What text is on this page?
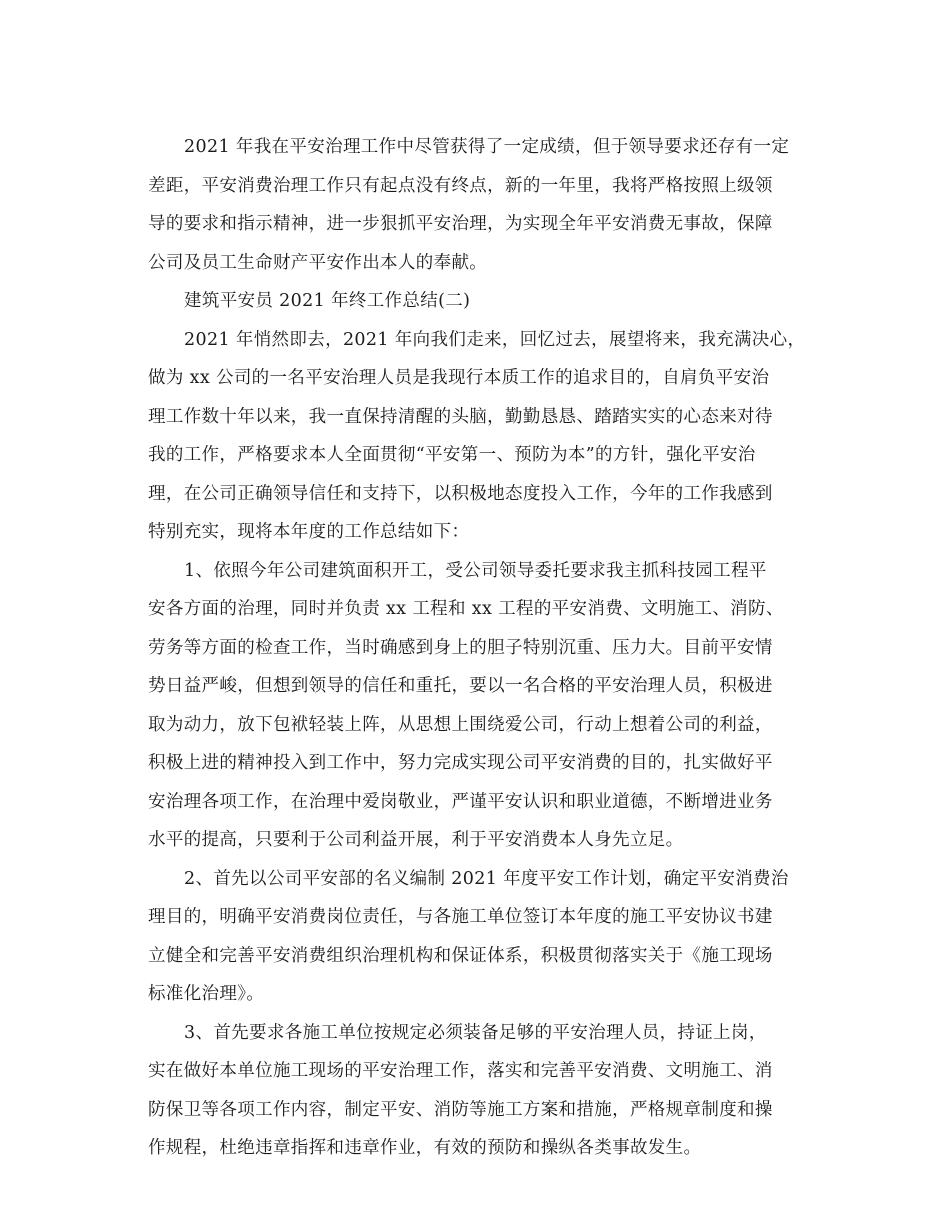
2021 年我在平安治理工作中尽管获得了一定成绩，但于领导要求还存有一定
差距，平安消费治理工作只有起点没有终点，新的一年里，我将严格按照上级领
导的要求和指示精神，进一步狠抓平安治理，为实现全年平安消费无事故，保障
公司及员工生命财产平安作出本人的奉献。
建筑平安员 2021 年终工作总结(二)
2021 年悄然即去，2021 年向我们走来，回忆过去，展望将来，我充满决心，
做为 xx 公司的一名平安治理人员是我现行本质工作的追求目的，自肩负平安治
理工作数十年以来，我一直保持清醒的头脑，勤勤恳恳、踏踏实实的心态来对待
我的工作，严格要求本人全面贯彻“平安第一、预防为本”的方针，强化平安治
理，在公司正确领导信任和支持下，以积极地态度投入工作，今年的工作我感到
特别充实，现将本年度的工作总结如下：
1、依照今年公司建筑面积开工，受公司领导委托要求我主抓科技园工程平
安各方面的治理，同时并负责 xx 工程和 xx 工程的平安消费、文明施工、消防、
劳务等方面的检查工作，当时确感到身上的胆子特别沉重、压力大。目前平安情
势日益严峻，但想到领导的信任和重托，要以一名合格的平安治理人员，积极进
取为动力，放下包袱轻装上阵，从思想上围绕爱公司，行动上想着公司的利益，
积极上进的精神投入到工作中，努力完成实现公司平安消费的目的，扎实做好平
安治理各项工作，在治理中爱岗敬业，严谨平安认识和职业道德，不断增进业务
水平的提高，只要利于公司利益开展，利于平安消费本人身先立足。
2、首先以公司平安部的名义编制 2021 年度平安工作计划，确定平安消费治
理目的，明确平安消费岗位责任，与各施工单位签订本年度的施工平安协议书建
立健全和完善平安消费组织治理机构和保证体系，积极贯彻落实关于《施工现场
标准化治理》。
3、首先要求各施工单位按规定必须装备足够的平安治理人员，持证上岗，
实在做好本单位施工现场的平安治理工作，落实和完善平安消费、文明施工、消
防保卫等各项工作内容，制定平安、消防等施工方案和措施，严格规章制度和操
作规程，杜绝违章指挥和违章作业，有效的预防和操纵各类事故发生。
